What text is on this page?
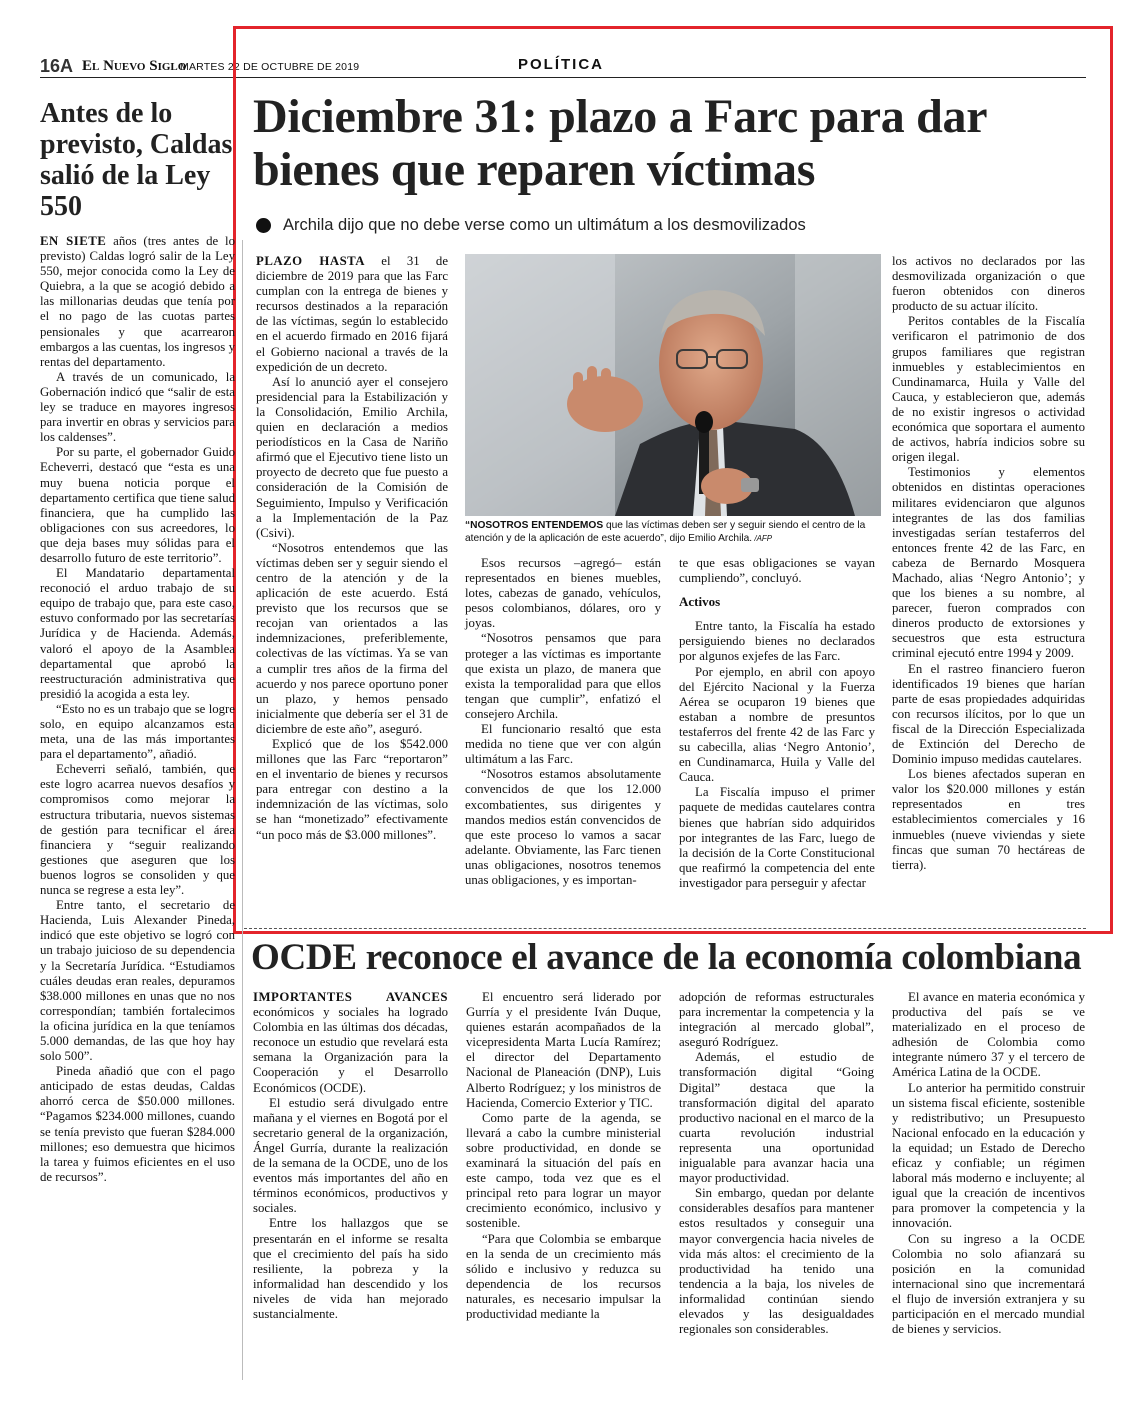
16A El Nuevo Siglo
MARTES 22 DE OCTUBRE DE 2019	POLÍTICA
Antes de lo previsto, Caldas salió de la Ley 550

EN SIETE años (tres antes de lo previsto) Caldas logró salir de la Ley 550, mejor conocida como la Ley de Quiebra, a la que se acogió debido a las millonarias deudas que tenía por el no pago de las cuotas partes pensionales y que acarrearon embargos a las cuentas, los ingresos y rentas del departamento.

A través de un comunicado, la Gobernación indicó que “salir de esta ley se traduce en mayores ingresos para invertir en obras y servicios para los caldenses”.

Por su parte, el gobernador Guido Echeverri, destacó que “esta es una muy buena noticia porque el departamento certifica que tiene salud financiera, que ha cumplido las obligaciones con sus acreedores, lo que deja bases muy sólidas para el desarrollo futuro de este territorio”.

El Mandatario departamental reconoció el arduo trabajo de su equipo de trabajo que, para este caso, estuvo conformado por las secretarías Jurídica y de Hacienda. Además, valoró el apoyo de la Asamblea departamental que aprobó la reestructuración administrativa que presidió la acogida a esta ley.

“Esto no es un trabajo que se logre solo, en equipo alcanzamos esta meta, una de las más importantes para el departamento”, añadió.

Echeverri señaló, también, que este logro acarrea nuevos desafíos y compromisos como mejorar la estructura tributaria, nuevos sistemas de gestión para tecnificar el área financiera y “seguir realizando gestiones que aseguren que los buenos logros se consoliden y que nunca se regrese a esta ley”.

Entre tanto, el secretario de Hacienda, Luis Alexander Pineda, indicó que este objetivo se logró con un trabajo juicioso de su dependencia y la Secretaría Jurídica. “Estudiamos cuáles deudas eran reales, depuramos $38.000 millones en unas que no nos correspondían; también fortalecimos la oficina jurídica en la que teníamos 5.000 demandas, de las que hoy hay solo 500”.

Pineda añadió que con el pago anticipado de estas deudas, Caldas ahorró cerca de $50.000 millones. “Pagamos $234.000 millones, cuando se tenía previsto que fueran $284.000 millones; eso demuestra que hicimos la tarea y fuimos eficientes en el uso de recursos”.

Diciembre 31: plazo a Farc para dar bienes que reparen víctimas
Archila dijo que no debe verse como un ultimátum a los desmovilizados

PLAZO HASTA el 31 de diciembre de 2019 para que las Farc cumplan con la entrega de bienes y recursos destinados a la reparación de las víctimas, según lo establecido en el acuerdo firmado en 2016 fijará el Gobierno nacional a través de la expedición de un decreto.

Así lo anunció ayer el consejero presidencial para la Estabilización y la Consolidación, Emilio Archila, quien en declaración a medios periodísticos en la Casa de Nariño afirmó que el Ejecutivo tiene listo un proyecto de decreto que fue puesto a consideración de la Comisión de Seguimiento, Impulso y Verificación a la Implementación de la Paz (Csivi).

“Nosotros entendemos que las víctimas deben ser y seguir siendo el centro de la atención y de la aplicación de este acuerdo. Está previsto que los recursos que se recojan van orientados a las indemnizaciones, preferiblemente, colectivas de las víctimas. Ya se van a cumplir tres años de la firma del acuerdo y nos parece oportuno poner un plazo, y hemos pensado inicialmente que debería ser el 31 de diciembre de este año”, aseguró.

Explicó que de los $542.000 millones que las Farc “reportaron” en el inventario de bienes y recursos para entregar con destino a la indemnización de las víctimas, solo se han “monetizado” efectivamente “un poco más de $3.000 millones”.

“NOSOTROS ENTENDEMOS que las víctimas deben ser y seguir siendo el centro de la atención y de la aplicación de este acuerdo”, dijo Emilio Archila. /AFP

Esos recursos –agregó– están representados en bienes muebles, lotes, cabezas de ganado, vehículos, pesos colombianos, dólares, oro y joyas.

“Nosotros pensamos que para proteger a las víctimas es importante que exista un plazo, de manera que exista la temporalidad para que ellos tengan que cumplir”, enfatizó el consejero Archila.

El funcionario resaltó que esta medida no tiene que ver con algún ultimátum a las Farc.

“Nosotros estamos absolutamente convencidos de que los 12.000 excombatientes, sus dirigentes y mandos medios están convencidos de que este proceso lo vamos a sacar adelante. Obviamente, las Farc tienen unas obligaciones, nosotros tenemos unas obligaciones, y es importan-

te que esas obligaciones se vayan cumpliendo”, concluyó.

Activos

Entre tanto, la Fiscalía ha estado persiguiendo bienes no declarados por algunos exjefes de las Farc.

Por ejemplo, en abril con apoyo del Ejército Nacional y la Fuerza Aérea se ocuparon 19 bienes que estaban a nombre de presuntos testaferros del frente 42 de las Farc y su cabecilla, alias ‘Negro Antonio’, en Cundinamarca, Huila y Valle del Cauca.

La Fiscalía impuso el primer paquete de medidas cautelares contra bienes que habrían sido adquiridos por integrantes de las Farc, luego de la decisión de la Corte Constitucional que reafirmó la competencia del ente investigador para perseguir y afectar

los activos no declarados por las desmovilizada organización o que fueron obtenidos con dineros producto de su actuar ilícito.

Peritos contables de la Fiscalía verificaron el patrimonio de dos grupos familiares que registran inmuebles y establecimientos en Cundinamarca, Huila y Valle del Cauca, y establecieron que, además de no existir ingresos o actividad económica que soportara el aumento de activos, habría indicios sobre su origen ilegal.

Testimonios y elementos obtenidos en distintas operaciones militares evidenciaron que algunos integrantes de las dos familias investigadas serían testaferros del entonces frente 42 de las Farc, en cabeza de Bernardo Mosquera Machado, alias ‘Negro Antonio’; y que los bienes a su nombre, al parecer, fueron comprados con dineros producto de extorsiones y secuestros que esta estructura criminal ejecutó entre 1994 y 2009.

En el rastreo financiero fueron identificados 19 bienes que harían parte de esas propiedades adquiridas con recursos ilícitos, por lo que un fiscal de la Dirección Especializada de Extinción del Derecho de Dominio impuso medidas cautelares.

Los bienes afectados superan en valor los $20.000 millones y están representados en tres establecimientos comerciales y 16 inmuebles (nueve viviendas y siete fincas que suman 70 hectáreas de tierra).

OCDE reconoce el avance de la economía colombiana

IMPORTANTES AVANCES económicos y sociales ha logrado Colombia en las últimas dos décadas, reconoce un estudio que revelará esta semana la Organización para la Cooperación y el Desarrollo Económicos (OCDE).

El estudio será divulgado entre mañana y el viernes en Bogotá por el secretario general de la organización, Ángel Gurría, durante la realización de la semana de la OCDE, uno de los eventos más importantes del año en términos económicos, productivos y sociales.

Entre los hallazgos que se presentarán en el informe se resalta que el crecimiento del país ha sido resiliente, la pobreza y la informalidad han descendido y los niveles de vida han mejorado sustancialmente.

El encuentro será liderado por Gurría y el presidente Iván Duque, quienes estarán acompañados de la vicepresidenta Marta Lucía Ramírez; el director del Departamento Nacional de Planeación (DNP), Luis Alberto Rodríguez; y los ministros de Hacienda, Comercio Exterior y TIC.

Como parte de la agenda, se llevará a cabo la cumbre ministerial sobre productividad, en donde se examinará la situación del país en este campo, toda vez que es el principal reto para lograr un mayor crecimiento económico, inclusivo y sostenible.

“Para que Colombia se embarque en la senda de un crecimiento más sólido e inclusivo y reduzca su dependencia de los recursos naturales, es necesario impulsar la productividad mediante la

adopción de reformas estructurales para incrementar la competencia y la integración al mercado global”, aseguró Rodríguez.

Además, el estudio de transformación digital “Going Digital” destaca que la transformación digital del aparato productivo nacional en el marco de la cuarta revolución industrial representa una oportunidad inigualable para avanzar hacia una mayor productividad.

Sin embargo, quedan por delante considerables desafíos para mantener estos resultados y conseguir una mayor convergencia hacia niveles de vida más altos: el crecimiento de la productividad ha tenido una tendencia a la baja, los niveles de informalidad continúan siendo elevados y las desigualdades regionales son considerables.

El avance en materia económica y productiva del país se ve materializado en el proceso de adhesión de Colombia como integrante número 37 y el tercero de América Latina de la OCDE.

Lo anterior ha permitido construir un sistema fiscal eficiente, sostenible y redistributivo; un Presupuesto Nacional enfocado en la educación y la equidad; un Estado de Derecho eficaz y confiable; un régimen laboral más moderno e incluyente; al igual que la creación de incentivos para promover la competencia y la innovación.

Con su ingreso a la OCDE Colombia no solo afianzará su posición en la comunidad internacional sino que incrementará el flujo de inversión extranjera y su participación en el mercado mundial de bienes y servicios.
